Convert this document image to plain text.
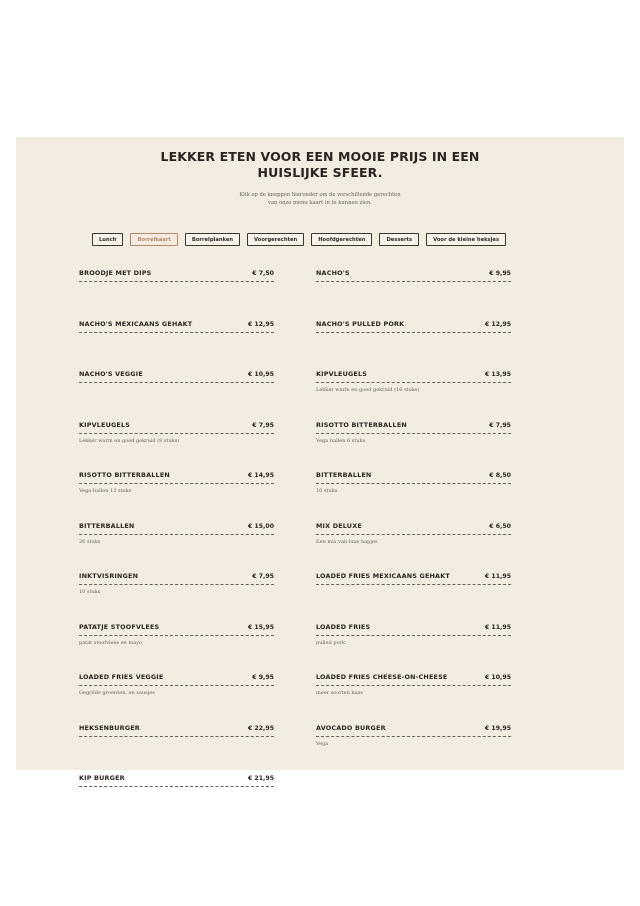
LEKKER ETEN VOOR EEN MOOIE PRIJS IN EEN
HUISLIJKE SFEER.
Klik op de knoppen hieronder om de verschillende gerechten
van onze menu kaart in te kunnen zien.
Lunch	Borrelkaart	Borrelplanken	Voorgerechten	Hoofdgerechten	Desserts	Voor de kleine heksjes
BROODJE MET DIPS	€ 7,50
NACHO'S MEXICAANS GEHAKT	€ 12,95
NACHO'S VEGGIE	€ 10,95
KIPVLEUGELS	€ 7,95
Lekker warm en goed gekruid (8 stuks)
RISOTTO BITTERBALLEN	€ 14,95
Vega ballen 12 stuks
BITTERBALLEN	€ 15,00
20 stuks
INKTVISRINGEN	€ 7,95
10 stuks
PATATJE STOOFVLEES	€ 15,95
patat stoofvlees en mayo
LOADED FRIES VEGGIE	€ 9,95
Gegrilde groenten, en sausjes
HEKSENBURGER	€ 22,95
KIP BURGER	€ 21,95
NACHO'S	€ 9,95
NACHO'S PULLED PORK	€ 12,95
KIPVLEUGELS	€ 13,95
Lekker warm en goed gekruid (16 stuks)
RISOTTO BITTERBALLEN	€ 7,95
Vega ballen 6 stuks
BITTERBALLEN	€ 8,50
10 stuks
MIX DELUXE	€ 6,50
Een mix van luxe hapjes
LOADED FRIES MEXICAANS GEHAKT	€ 11,95
LOADED FRIES	€ 11,95
pulled pork
LOADED FRIES CHEESE-ON-CHEESE	€ 10,95
meer soorten kaas
AVOCADO BURGER	€ 19,95
Vega
